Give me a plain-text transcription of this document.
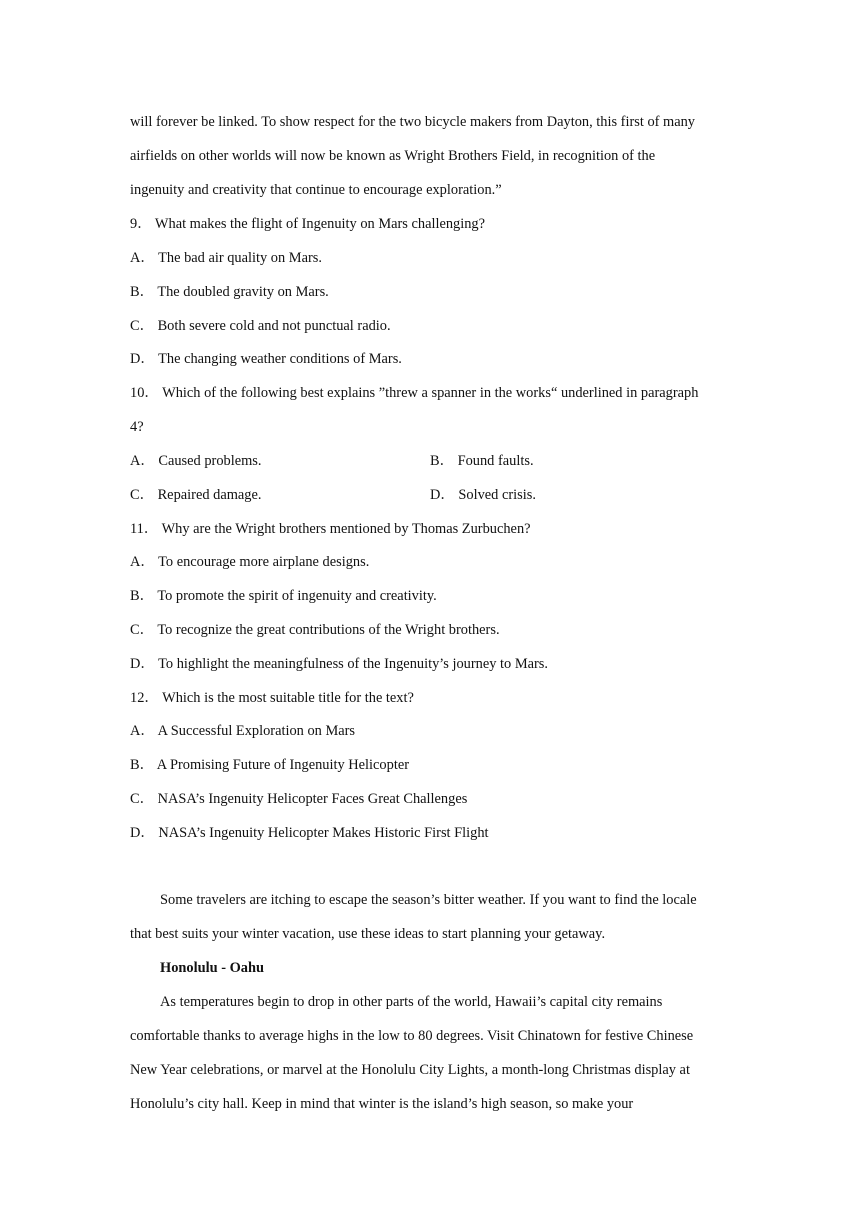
will forever be linked. To show respect for the two bicycle makers from Dayton, this first of many
airfields on other worlds will now be known as Wright Brothers Field, in recognition of the
ingenuity and creativity that continue to encourage exploration.”
9． What makes the flight of Ingenuity on Mars challenging?
A． The bad air quality on Mars.
B． The doubled gravity on Mars.
C． Both severe cold and not punctual radio.
D． The changing weather conditions of Mars.
10． Which of the following best explains ”threw a spanner in the works“ underlined in paragraph
4?
A． Caused problems.	B． Found faults.
C． Repaired damage.	D． Solved crisis.
11． Why are the Wright brothers mentioned by Thomas Zurbuchen?
A． To encourage more airplane designs.
B． To promote the spirit of ingenuity and creativity.
C． To recognize the great contributions of the Wright brothers.
D． To highlight the meaningfulness of the Ingenuity’s journey to Mars.
12． Which is the most suitable title for the text?
A． A Successful Exploration on Mars
B． A Promising Future of Ingenuity Helicopter
C． NASA’s Ingenuity Helicopter Faces Great Challenges
D． NASA’s Ingenuity Helicopter Makes Historic First Flight
Some travelers are itching to escape the season’s bitter weather. If you want to find the locale
that best suits your winter vacation, use these ideas to start planning your getaway.
Honolulu - Oahu
As temperatures begin to drop in other parts of the world, Hawaii’s capital city remains
comfortable thanks to average highs in the low to 80 degrees. Visit Chinatown for festive Chinese
New Year celebrations, or marvel at the Honolulu City Lights, a month-long Christmas display at
Honolulu’s city hall. Keep in mind that winter is the island’s high season, so make your
